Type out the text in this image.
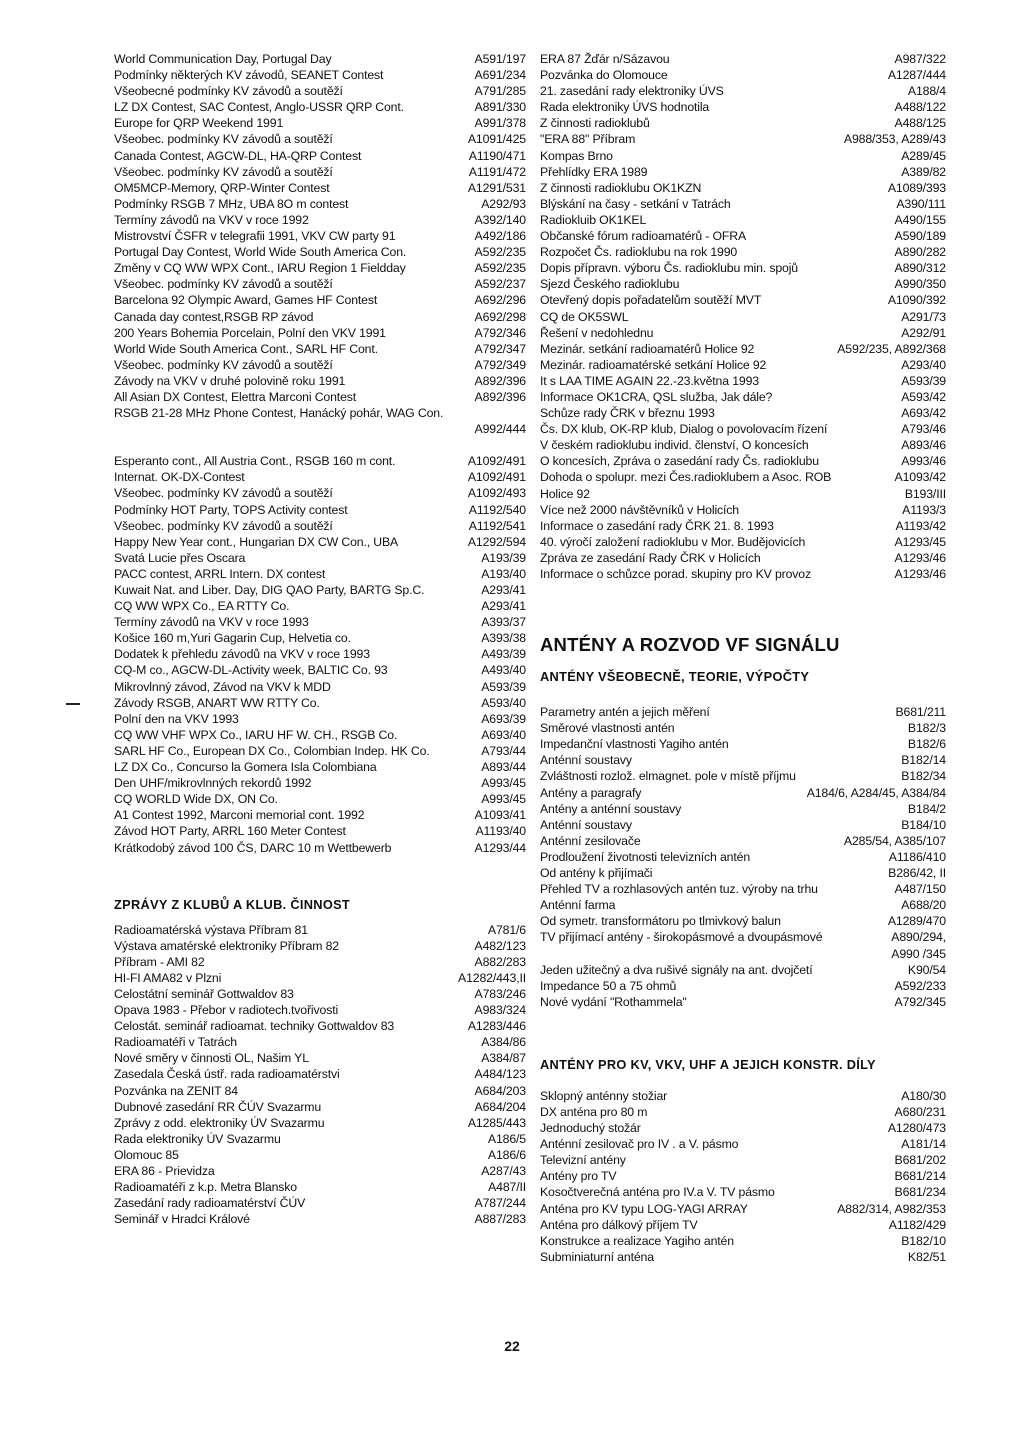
World Communication Day, Portugal Day	A591/197
Podmínky některých KV závodů, SEANET Contest	A691/234
Všeobecné podmínky KV závodů a soutěží	A791/285
LZ DX Contest, SAC Contest, Anglo-USSR QRP Cont.	A891/330
Europe for QRP Weekend 1991	A991/378
Všeobec. podmínky KV závodů a soutěží	A1091/425
Canada Contest, AGCW-DL, HA-QRP Contest	A1190/471
Všeobec. podmínky KV závodů a soutěží	A1191/472
OM5MCP-Memory, QRP-Winter Contest	A1291/531
Podmínky RSGB 7 MHz, UBA 8O m contest	A292/93
Termíny závodů na VKV v roce 1992	A392/140
Mistrovství ČSFR v telegrafii 1991, VKV CW party 91	A492/186
Portugal Day Contest, World Wide South America Con.	A592/235
Změny v CQ WW WPX Cont., IARU Region 1 Fieldday	A592/235
Všeobec. podmínky KV závodů a soutěží	A592/237
Barcelona 92 Olympic Award, Games HF Contest	A692/296
Canada day contest,RSGB RP závod	A692/298
200 Years Bohemia Porcelain, Polní den VKV 1991	A792/346
World Wide South America Cont., SARL HF Cont.	A792/347
Všeobec. podmínky KV závodů a soutěží	A792/349
Závody na VKV v druhé polovině roku 1991	A892/396
All Asian DX Contest, Elettra Marconi Contest	A892/396
RSGB 21-28 MHz Phone Contest, Hanácký pohár, WAG Con.
A992/444
Esperanto cont., All Austria Cont., RSGB 160 m cont.	A1092/491
Internat. OK-DX-Contest	A1092/491
Všeobec. podmínky KV závodů a soutěží	A1092/493
Podmínky HOT Party, TOPS Activity contest	A1192/540
Všeobec. podmínky KV závodů a soutěží	A1192/541
Happy New Year cont., Hungarian DX CW Con., UBA	A1292/594
Svatá Lucie přes Oscara	A193/39
PACC contest, ARRL Intern. DX contest	A193/40
Kuwait Nat. and Liber. Day, DIG QAO Party, BARTG Sp.C.	A293/41
CQ WW WPX Co., EA RTTY Co.	A293/41
Termíny závodů na VKV v roce 1993	A393/37
Košice 160 m,Yuri Gagarin Cup, Helvetia co.	A393/38
Dodatek k přehledu závodů na VKV v roce 1993	A493/39
CQ-M co., AGCW-DL-Activity week, BALTIC Co. 93	A493/40
Mikrovlnný závod, Závod na VKV k MDD	A593/39
Závody RSGB, ANART WW RTTY Co.	A593/40
Polní den na VKV 1993	A693/39
CQ WW VHF WPX Co., IARU HF W. CH., RSGB Co.	A693/40
SARL HF Co., European DX Co., Colombian Indep. HK Co.	A793/44
LZ DX Co., Concurso la Gomera Isla Colombiana	A893/44
Den UHF/mikrovlnných rekordů 1992	A993/45
CQ WORLD Wide DX, ON Co.	A993/45
A1 Contest 1992, Marconi memorial cont. 1992	A1093/41
Závod HOT Party, ARRL 160 Meter Contest	A1193/40
Krátkodobý závod 100 ČS, DARC 10 m Wettbewerb	A1293/44
ZPRÁVY Z KLUBŮ A KLUB. ČINNOST
Radioamatérská výstava Příbram 81	A781/6
Výstava amatérské elektroniky Příbram 82	A482/123
Příbram - AMI 82	A882/283
HI-FI AMA82 v Plzni	A1282/443,II
Celostátní seminář Gottwaldov 83	A783/246
Opava 1983 - Přebor v radiotech.tvořivosti	A983/324
Celostát. seminář radioamat. techniky Gottwaldov 83	A1283/446
Radioamatéři v Tatrách	A384/86
Nové směry v činnosti OL, Našim YL	A384/87
Zasedala Česká ústř. rada radioamatérstvi	A484/123
Pozvánka na ZENIT 84	A684/203
Dubnové zasedání RR ČÚV Svazarmu	A684/204
Zprávy z odd. elektroniky ÚV Svazarmu	A1285/443
Rada elektroniky ÚV Svazarmu	A186/5
Olomouc 85	A186/6
ERA 86 - Prievidza	A287/43
Radioamatéři z k.p. Metra Blansko	A487/II
Zasedání rady radioamatérství ČÚV	A787/244
Seminář v Hradci Králové	A887/283
ERA 87 Žďár n/Sázavou	A987/322
Pozvánka do Olomouce	A1287/444
21. zasedání rady elektroniky ÚVS	A188/4
Rada elektroniky ÚVS hodnotila	A488/122
Z činnosti radioklubů	A488/125
"ERA 88" Příbram	A988/353, A289/43
Kompas Brno	A289/45
Přehlídky ERA 1989	A389/82
Z činnosti radioklubu OK1KZN	A1089/393
Blýskání na časy - setkání v Tatrách	A390/111
Radiokluib OK1KEL	A490/155
Občanské fórum radioamatérů - OFRA	A590/189
Rozpočet Čs. radioklubu na rok 1990	A890/282
Dopis přípravn. výboru Čs. radioklubu min. spojů	A890/312
Sjezd Českého radioklubu	A990/350
Otevřený dopis pořadatelům soutěží MVT	A1090/392
CQ de OK5SWL	A291/73
Řešení v nedohlednu	A292/91
Mezinár. setkání radioamatérů Holice 92	A592/235, A892/368
Mezinár. radioamatérské setkání Holice 92	A293/40
It s LAA TIME AGAIN 22.-23.května 1993	A593/39
Informace OK1CRA, QSL služba, Jak dále?	A593/42
Schůze rady ČRK v březnu 1993	A693/42
Čs. DX klub, OK-RP klub, Dialog o povolovacím řízení	A793/46
V českém radioklubu individ. členství, O koncesích	A893/46
O koncesích, Zpráva o zasedání rady Čs. radioklubu	A993/46
Dohoda o spolupr. mezi Čes.radioklubem a Asoc. ROB	A1093/42
Holice 92	B193/III
Více než 2000 návštěvníků v Holicích	A1193/3
Informace o zasedání rady ČRK 21. 8. 1993	A1193/42
40. výročí založení radioklubu v Mor. Budějovicích	A1293/45
Zpráva ze zasedání Rady ČRK v Holicích	A1293/46
Informace o schůzce porad. skupiny pro KV provoz	A1293/46
ANTÉNY A ROZVOD VF SIGNÁLU
ANTÉNY VŠEOBECNĚ, TEORIE, VÝPOČTY
Parametry antén a jejich měření	B681/211
Směrové vlastnosti antén	B182/3
Impedanční vlastnosti Yagiho antén	B182/6
Anténní soustavy	B182/14
Zvláštnosti rozlož. elmagnet. pole v místě příjmu	B182/34
Antény a paragrafy	A184/6, A284/45, A384/84
Antény a anténní soustavy	B184/2
Anténní soustavy	B184/10
Anténní zesilovače	A285/54, A385/107
Prodloužení životnosti televizních antén	A1186/410
Od antény k přijímači	B286/42, II
Přehled TV a rozhlasových antén tuz. výroby na trhu	A487/150
Anténní farma	A688/20
Od symetr. transformátoru po tlmivkový balun	A1289/470
TV přijímací antény - širokopásmové a dvoupásmové	A890/294,
A990 /345
Jeden užitečný a dva rušivé signály na ant. dvojčetí	K90/54
Impedance 50 a 75 ohmů	A592/233
Nové vydání "Rothammela"	A792/345
ANTÉNY PRO KV, VKV, UHF A JEJICH KONSTR. DÍLY
Sklopný anténny stožiar	A180/30
DX anténa pro 80 m	A680/231
Jednoduchý stožár	A1280/473
Anténní zesilovač pro IV . a V. pásmo	A181/14
Televizní antény	B681/202
Antény pro TV	B681/214
Kosočtverečná anténa pro IV.a V. TV pásmo	B681/234
Anténa pro KV typu LOG-YAGI ARRAY	A882/314, A982/353
Anténa pro dálkový příjem TV	A1182/429
Konstrukce a realizace Yagiho antén	B182/10
Subminiaturní anténa	K82/51
22
